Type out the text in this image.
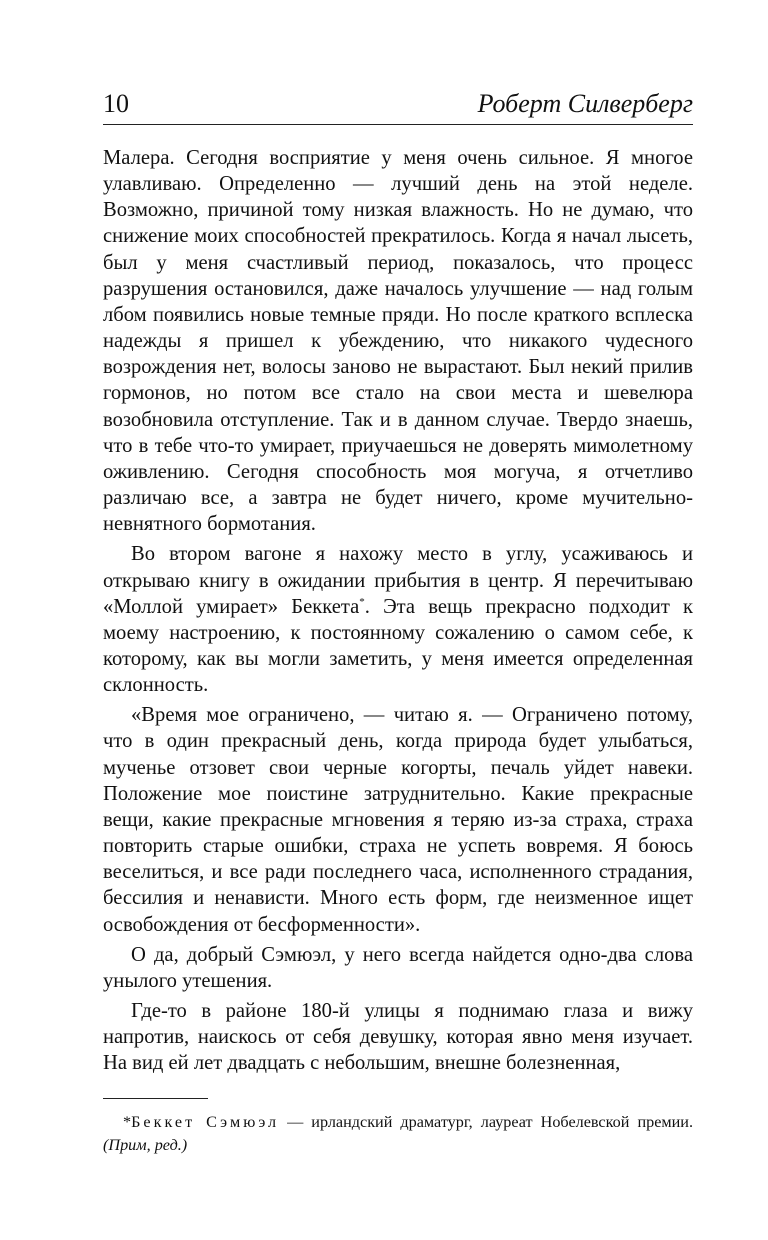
10	Роберт Силверберг

Малера. Сегодня восприятие у меня очень сильное. Я многое улавливаю. Определенно — лучший день на этой неделе. Возможно, причиной тому низкая влажность. Но не думаю, что снижение моих способностей прекратилось. Когда я начал лысеть, был у меня счастливый период, показалось, что процесс разрушения остановился, даже началось улучшение — над голым лбом появились новые темные пряди. Но после краткого всплеска надежды я пришел к убеждению, что никакого чудесного возрождения нет, волосы заново не вырастают. Был некий прилив гормонов, но потом все стало на свои места и шевелюра возобновила отступление. Так и в данном случае. Твердо знаешь, что в тебе что-то умирает, приучаешься не доверять мимолетному оживлению. Сегодня способность моя могуча, я отчетливо различаю все, а завтра не будет ничего, кроме мучительно-невнятного бормотания.

Во втором вагоне я нахожу место в углу, усаживаюсь и открываю книгу в ожидании прибытия в центр. Я перечитываю «Моллой умирает» Беккета*. Эта вещь прекрасно подходит к моему настроению, к постоянному сожалению о самом себе, к которому, как вы могли заметить, у меня имеется определенная склонность.

«Время мое ограничено, — читаю я. — Ограничено потому, что в один прекрасный день, когда природа будет улыбаться, мученье отзовет свои черные когорты, печаль уйдет навеки. Положение мое поистине затруднительно. Какие прекрасные вещи, какие прекрасные мгновения я теряю из-за страха, страха повторить старые ошибки, страха не успеть вовремя. Я боюсь веселиться, и все ради последнего часа, исполненного страдания, бессилия и ненависти. Много есть форм, где неизменное ищет освобождения от бесформенности».

О да, добрый Сэмюэл, у него всегда найдется одно-два слова унылого утешения.

Где-то в районе 180-й улицы я поднимаю глаза и вижу напротив, наискось от себя девушку, которая явно меня изучает. На вид ей лет двадцать с небольшим, внешне болезненная,

*Беккет Сэмюэл — ирландский драматург, лауреат Нобелевской премии. (Прим, ред.)
